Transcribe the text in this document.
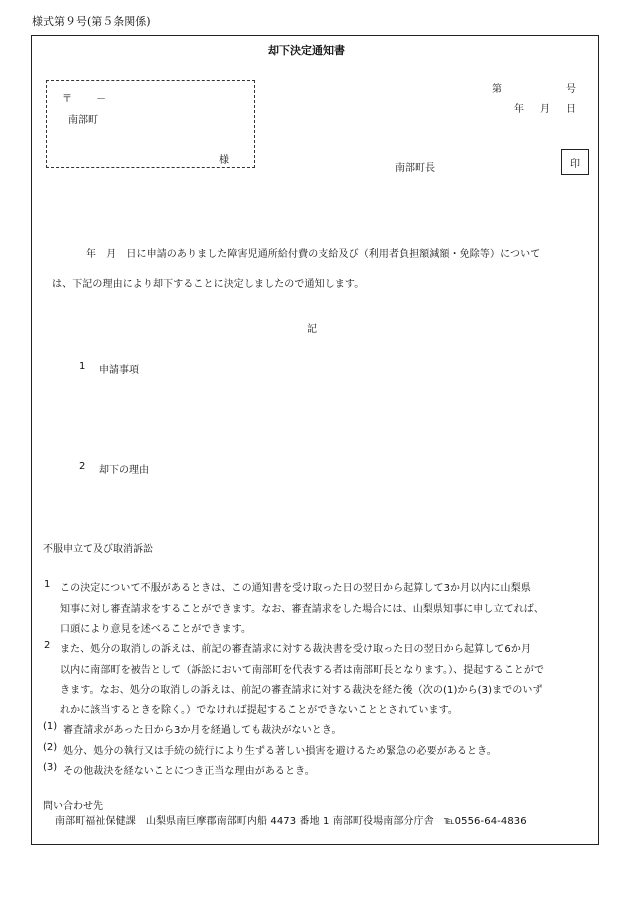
様式第９号(第５条関係)
却下決定通知書
〒 －
南部町
様
第	号
年 月 日
南部町長	印
年　月　日に申請のありました障害児通所給付費の支給及び（利用者負担額減額・免除等）について
は、下記の理由により却下することに決定しましたので通知します。
記
1 申請事項
2 却下の理由
不服申立て及び取消訴訟
1 この決定について不服があるときは、この通知書を受け取った日の翌日から起算して3か月以内に山梨県
知事に対し審査請求をすることができます。なお、審査請求をした場合には、山梨県知事に申し立てれば、
口頭により意見を述べることができます。
2 また、処分の取消しの訴えは、前記の審査請求に対する裁決書を受け取った日の翌日から起算して6か月
以内に南部町を被告として（訴訟において南部町を代表する者は南部町長となります。）、提起することがで
きます。なお、処分の取消しの訴えは、前記の審査請求に対する裁決を経た後（次の(1)から(3)までのいず
れかに該当するときを除く。）でなければ提起することができないこととされています。
(1) 審査請求があった日から3か月を経過しても裁決がないとき。
(2) 処分、処分の執行又は手続の続行により生ずる著しい損害を避けるため緊急の必要があるとき。
(3) その他裁決を経ないことにつき正当な理由があるとき。
問い合わせ先
南部町福祉保健課　山梨県南巨摩郡南部町内船 4473 番地 1 南部町役場南部分庁舎　℡0556-64-4836
